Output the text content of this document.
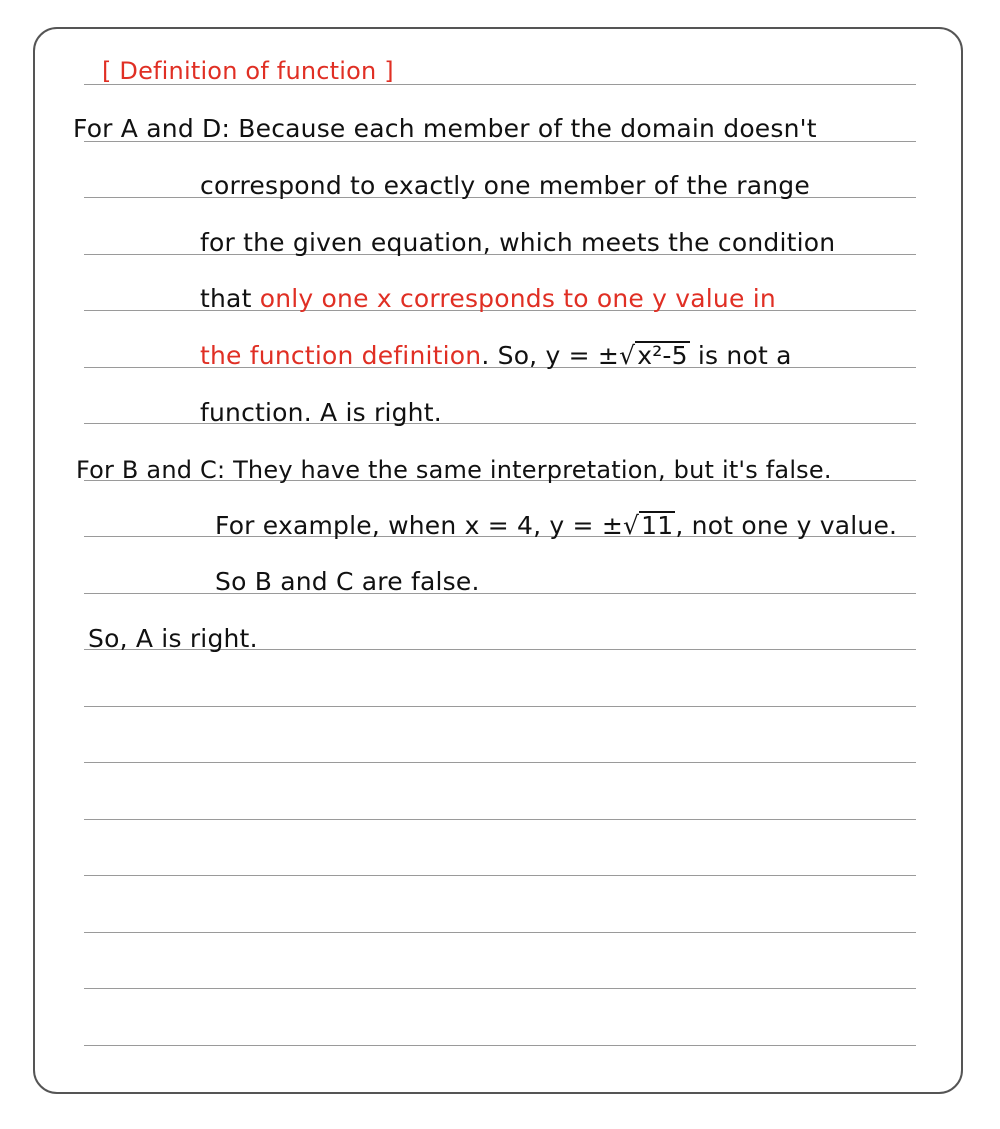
[ Definition of function ]
For A and D: Because each member of the domain doesn't
correspond to exactly one member of the range
for the given equation, which meets the condition
that only one x corresponds to one y value in
the function definition. So, y = ±√x²-5 is not a
function. A is right.
For B and C: They have the same interpretation, but it's false.
For example, when x = 4, y = ±√11, not one y value.
So B and C are false.
So, A is right.
